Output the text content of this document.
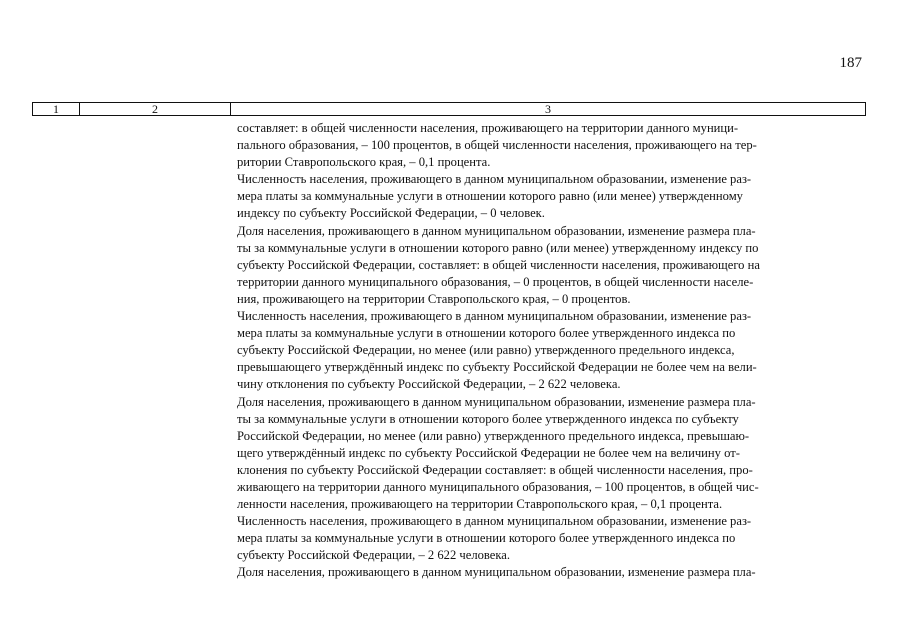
187
1	2	3

составляет: в общей численности населения, проживающего на территории данного муници-
пального образования, – 100 процентов, в общей численности населения, проживающего на тер-
ритории Ставропольского края, – 0,1 процента.

Численность населения, проживающего в данном муниципальном образовании, изменение раз-
мера платы за коммунальные услуги в отношении которого равно (или менее) утвержденному
индексу по субъекту Российской Федерации, – 0 человек.

Доля населения, проживающего в данном муниципальном образовании, изменение размера пла-
ты за коммунальные услуги в отношении которого равно (или менее) утвержденному индексу по
субъекту Российской Федерации, составляет: в общей численности населения, проживающего на
территории данного муниципального образования, – 0 процентов, в общей численности населе-
ния, проживающего на территории Ставропольского края, – 0 процентов.

Численность населения, проживающего в данном муниципальном образовании, изменение раз-
мера платы за коммунальные услуги в отношении которого более утвержденного индекса по
субъекту Российской Федерации, но менее (или равно) утвержденного предельного индекса,
превышающего утверждённый индекс по субъекту Российской Федерации не более чем на вели-
чину отклонения по субъекту Российской Федерации, – 2 622 человека.

Доля населения, проживающего в данном муниципальном образовании, изменение размера пла-
ты за коммунальные услуги в отношении которого более утвержденного индекса по субъекту
Российской Федерации, но менее (или равно) утвержденного предельного индекса, превышаю-
щего утверждённый индекс по субъекту Российской Федерации не более чем на величину от-
клонения по субъекту Российской Федерации составляет: в общей численности населения, про-
живающего на территории данного муниципального образования, – 100 процентов, в общей чис-
ленности населения, проживающего на территории Ставропольского края, – 0,1 процента.

Численность населения, проживающего в данном муниципальном образовании, изменение раз-
мера платы за коммунальные услуги в отношении которого более утвержденного индекса по
субъекту Российской Федерации, – 2 622 человека.

Доля населения, проживающего в данном муниципальном образовании, изменение размера пла-
